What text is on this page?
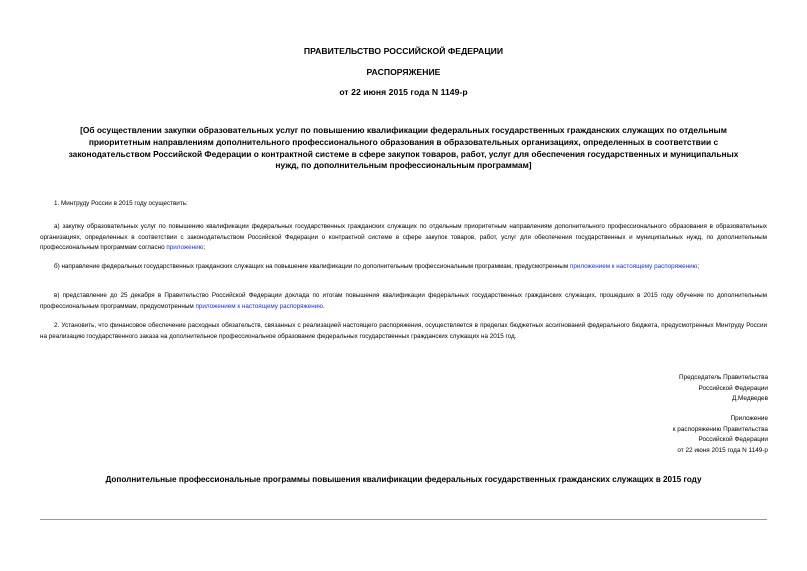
ПРАВИТЕЛЬСТВО РОССИЙСКОЙ ФЕДЕРАЦИИ
РАСПОРЯЖЕНИЕ
от 22 июня 2015 года N 1149-р
[Об осуществлении закупки образовательных услуг по повышению квалификации федеральных государственных гражданских служащих по отдельным
приоритетным направлениям дополнительного профессионального образования в образовательных организациях, определенных в соответствии с
законодательством Российской Федерации о контрактной системе в сфере закупок товаров, работ, услуг для обеспечения государственных и муниципальных
нужд, по дополнительным профессиональным программам]
1. Минтруду России в 2015 году осуществить:
а) закупку образовательных услуг по повышению квалификации федеральных государственных гражданских служащих по отдельным приоритетным направлениям дополнительного профессионального образования в образовательных организациях, определенных в соответствии с законодательством Российской Федерации о контрактной системе в сфере закупок товаров, работ, услуг для обеспечения государственных и муниципальных нужд, по дополнительным профессиональным программам согласно приложению;
б) направление федеральных государственных гражданских служащих на повышение квалификации по дополнительным профессиональным программам, предусмотренным приложением к настоящему распоряжению;
в) представление до 25 декабря в Правительство Российской Федерации доклада по итогам повышения квалификации федеральных государственных гражданских служащих, прошедших в 2015 году обучение по дополнительным профессиональным программам, предусмотренным приложением к настоящему распоряжению.
2. Установить, что финансовое обеспечение расходных обязательств, связанных с реализацией настоящего распоряжения, осуществляется в пределах бюджетных ассигнований федерального бюджета, предусмотренных Минтруду России на реализацию государственного заказа на дополнительное профессиональное образование федеральных государственных гражданских служащих на 2015 год.
Председатель Правительства
Российской Федерации
Д.Медведев
Приложение
к распоряжению Правительства
Российской Федерации
от 22 июня 2015 года N 1149-р
Дополнительные профессиональные программы повышения квалификации федеральных государственных гражданских служащих в 2015 году
